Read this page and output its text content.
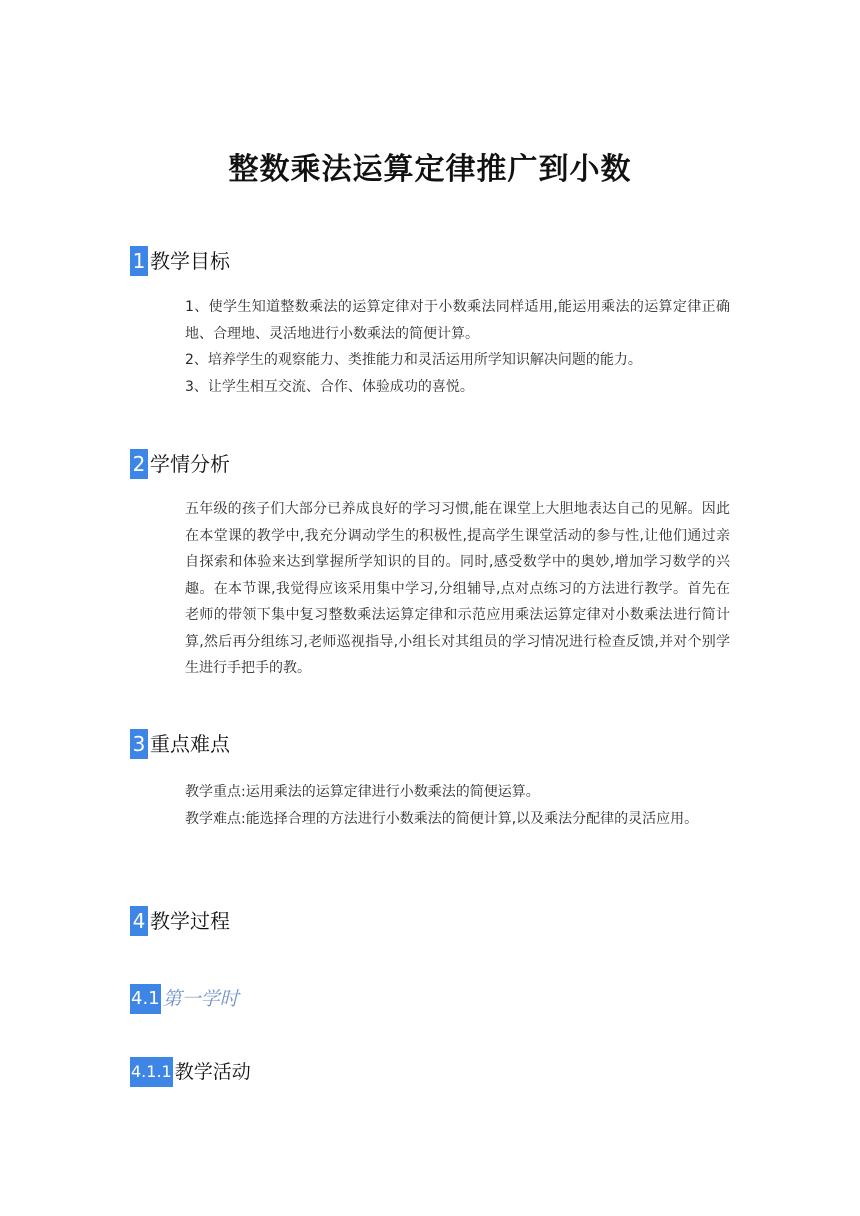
整数乘法运算定律推广到小数
1 教学目标

1、使学生知道整数乘法的运算定律对于小数乘法同样适用,能运用乘法的运算定律正确地、合理地、灵活地进行小数乘法的简便计算。

2、培养学生的观察能力、类推能力和灵活运用所学知识解决问题的能力。

3、让学生相互交流、合作、体验成功的喜悦。

2 学情分析

五年级的孩子们大部分已养成良好的学习习惯,能在课堂上大胆地表达自己的见解。因此在本堂课的教学中,我充分调动学生的积极性,提高学生课堂活动的参与性,让他们通过亲自探索和体验来达到掌握所学知识的目的。同时,感受数学中的奥妙,增加学习数学的兴趣。在本节课,我觉得应该采用集中学习,分组辅导,点对点练习的方法进行教学。首先在老师的带领下集中复习整数乘法运算定律和示范应用乘法运算定律对小数乘法进行简计算,然后再分组练习,老师巡视指导,小组长对其组员的学习情况进行检查反馈,并对个别学生进行手把手的教。

3 重点难点

教学重点:运用乘法的运算定律进行小数乘法的简便运算。

教学难点:能选择合理的方法进行小数乘法的简便计算,以及乘法分配律的灵活应用。

4 教学过程
4.1 第一学时
4.1.1 教学活动
